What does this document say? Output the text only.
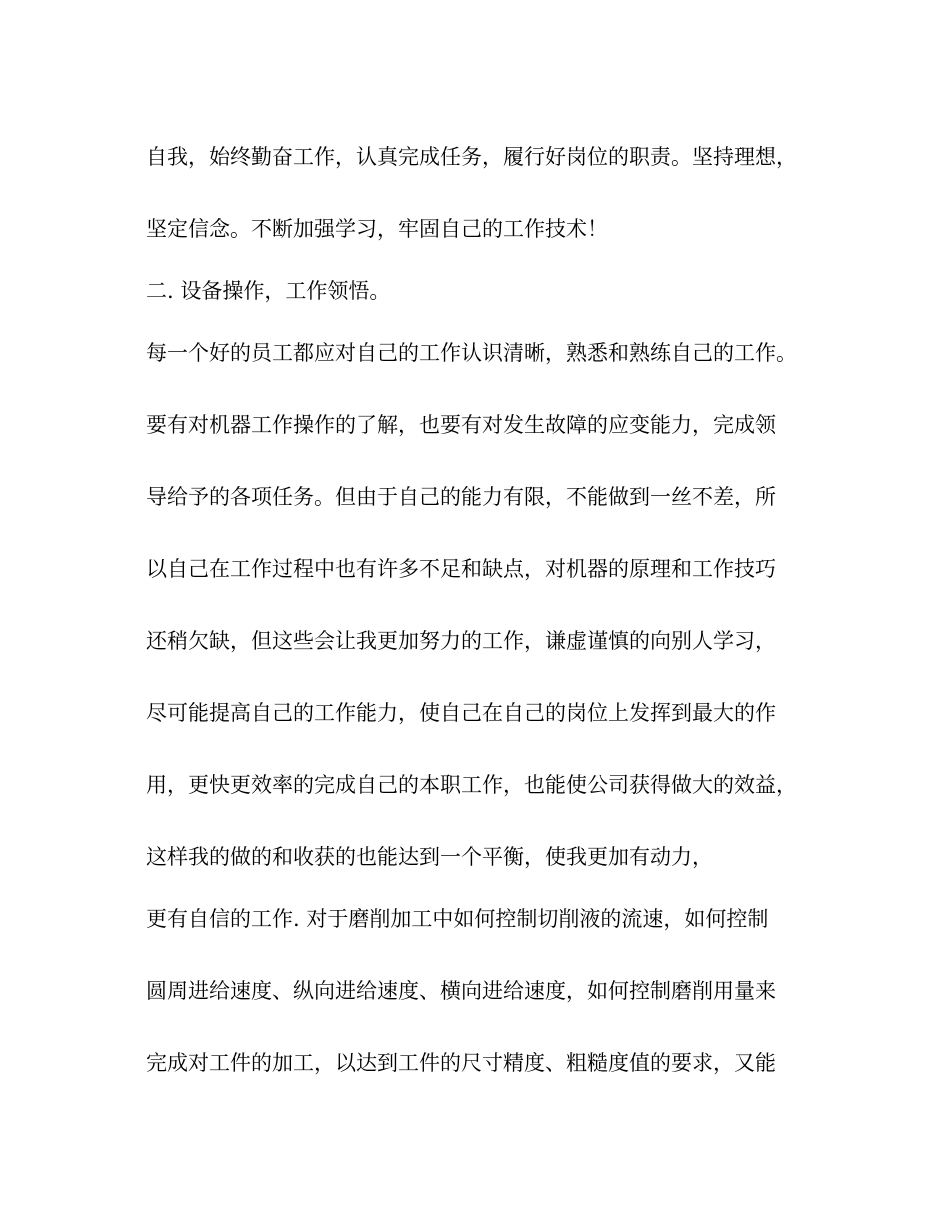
自我，始终勤奋工作，认真完成任务，履行好岗位的职责。坚持理想，
坚定信念。不断加强学习，牢固自己的工作技术！
二. 设备操作，工作领悟。
每一个好的员工都应对自己的工作认识清晰，熟悉和熟练自己的工作。
要有对机器工作操作的了解，也要有对发生故障的应变能力，完成领
导给予的各项任务。但由于自己的能力有限，不能做到一丝不差，所
以自己在工作过程中也有许多不足和缺点，对机器的原理和工作技巧
还稍欠缺，但这些会让我更加努力的工作，谦虚谨慎的向别人学习，
尽可能提高自己的工作能力，使自己在自己的岗位上发挥到最大的作
用，更快更效率的完成自己的本职工作，也能使公司获得做大的效益，
这样我的做的和收获的也能达到一个平衡，使我更加有动力，
更有自信的工作. 对于磨削加工中如何控制切削液的流速，如何控制
圆周进给速度、纵向进给速度、横向进给速度，如何控制磨削用量来
完成对工件的加工，以达到工件的尺寸精度、粗糙度值的要求，又能
